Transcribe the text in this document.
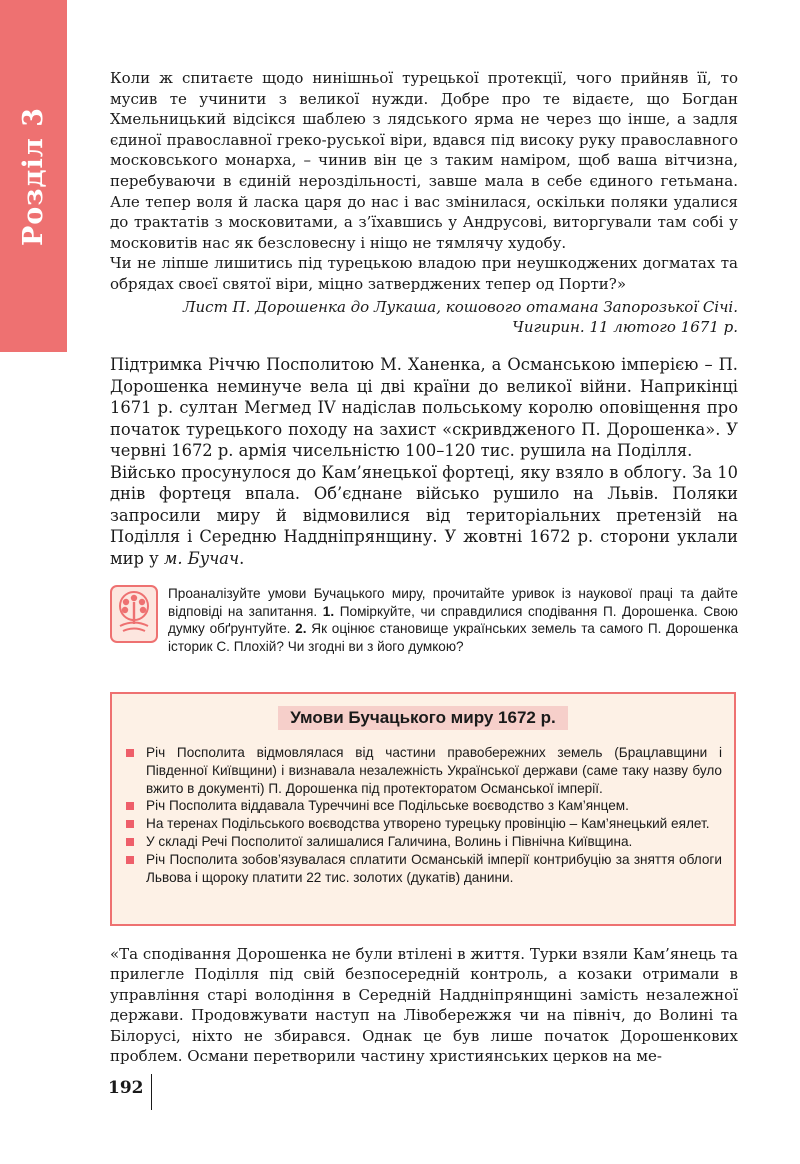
Розділ 3

Коли ж спитаєте щодо нинішньої турецької протекції, чого прийняв її, то мусив те учинити з великої нужди. Добре про те відаєте, що Богдан Хмельницький відсікся шаблею з лядського ярма не через що інше, а задля єдиної православної греко-руської віри, вдався під високу руку православного московського монарха, – чинив він це з таким наміром, щоб ваша вітчизна, перебуваючи в єдиній нероздільності, завше мала в себе єдиного гетьмана. Але тепер воля й ласка царя до нас і вас змінилася, оскільки поляки удалися до трактатів з московитами, а з’їхавшись у Андрусові, виторгували там собі у московитів нас як безсловесну і ніщо не тямлячу худобу.

Чи не ліпше лишитись під турецькою владою при неушкоджених догматах та обрядах своєї святої віри, міцно затверджених тепер од Порти?»

Лист П. Дорошенка до Лукаша, кошового отамана Запорозької Січі.
Чигирин. 11 лютого 1671 р.

Підтримка Річчю Посполитою М. Ханенка, а Османською імперією – П. Дорошенка неминуче вела ці дві країни до великої війни. Наприкінці 1671 р. султан Мегмед IV надіслав польському королю оповіщення про початок турецького походу на захист «скривдженого П. Дорошенка». У червні 1672 р. армія чисельністю 100–120 тис. рушила на Поділля.

Військо просунулося до Кам’янецької фортеці, яку взяло в облогу. За 10 днів фортеця впала. Об’єднане військо рушило на Львів. Поляки запросили миру й відмовилися від територіальних претензій на Поділля і Середню Наддніпрянщину. У жовтні 1672 р. сторони уклали мир у м. Бучач.

Проаналізуйте умови Бучацького миру, прочитайте уривок із наукової праці та дайте відповіді на запитання. 1. Поміркуйте, чи справдилися сподівання П. Дорошенка. Свою думку обґрунтуйте. 2. Як оцінює становище українських земель та самого П. Дорошенка історик С. Плохій? Чи згодні ви з його думкою?
Умови Бучацького миру 1672 р.
Річ Посполита відмовлялася від частини правобережних земель (Брацлавщини і Південної Київщини) і визнавала незалежність Української держави (саме таку назву було вжито в документі) П. Дорошенка під протекторатом Османської імперії.
Річ Посполита віддавала Туреччині все Подільське воєводство з Кам’янцем.
На теренах Подільського воєводства утворено турецьку провінцію – Кам’янецький еялет.
У складі Речі Посполитої залишалися Галичина, Волинь і Північна Київщина.
Річ Посполита зобов’язувалася сплатити Османській імперії контрибуцію за зняття облоги Львова і щороку платити 22 тис. золотих (дукатів) данини.

«Та сподівання Дорошенка не були втілені в життя. Турки взяли Кам’янець та прилегле Поділля під свій безпосередній контроль, а козаки отримали в управління старі володіння в Середній Наддніпрянщині замість незалежної держави. Продовжувати наступ на Лівобережжя чи на північ, до Волині та Білорусі, ніхто не збирався. Однак це був лише початок Дорошенкових проблем. Османи перетворили частину християнських церков на ме-

192
